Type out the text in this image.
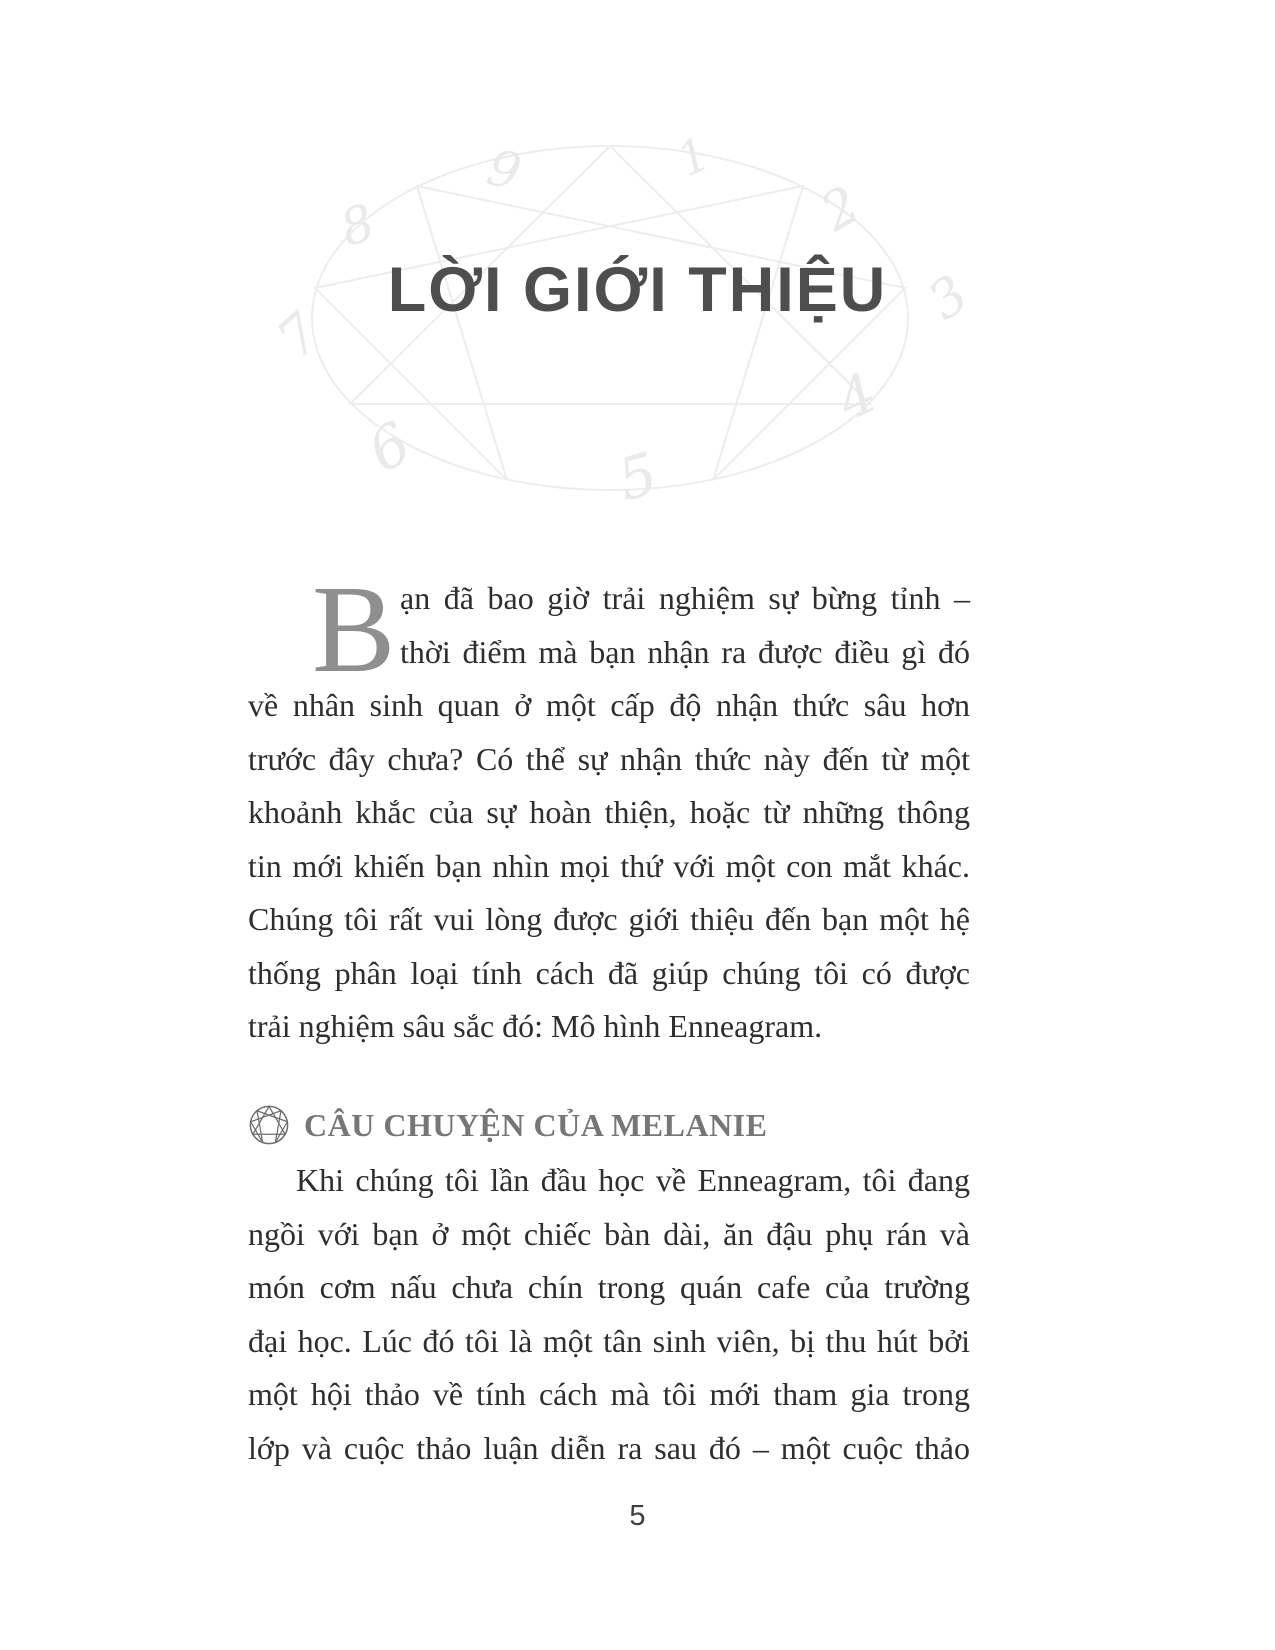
1
2
3
4
5
6
7
8
9
LỜI GIỚI THIỆU
B ạn đã bao giờ trải nghiệm sự bừng tỉnh –
thời điểm mà bạn nhận ra được điều gì đó
về nhân sinh quan ở một cấp độ nhận thức sâu hơn
trước đây chưa? Có thể sự nhận thức này đến từ một
khoảnh khắc của sự hoàn thiện, hoặc từ những thông
tin mới khiến bạn nhìn mọi thứ với một con mắt khác.
Chúng tôi rất vui lòng được giới thiệu đến bạn một hệ
thống phân loại tính cách đã giúp chúng tôi có được
trải nghiệm sâu sắc đó: Mô hình Enneagram.
CÂU CHUYỆN CỦA MELANIE
Khi chúng tôi lần đầu học về Enneagram, tôi đang
ngồi với bạn ở một chiếc bàn dài, ăn đậu phụ rán và
món cơm nấu chưa chín trong quán cafe của trường
đại học. Lúc đó tôi là một tân sinh viên, bị thu hút bởi
một hội thảo về tính cách mà tôi mới tham gia trong
lớp và cuộc thảo luận diễn ra sau đó – một cuộc thảo
5
